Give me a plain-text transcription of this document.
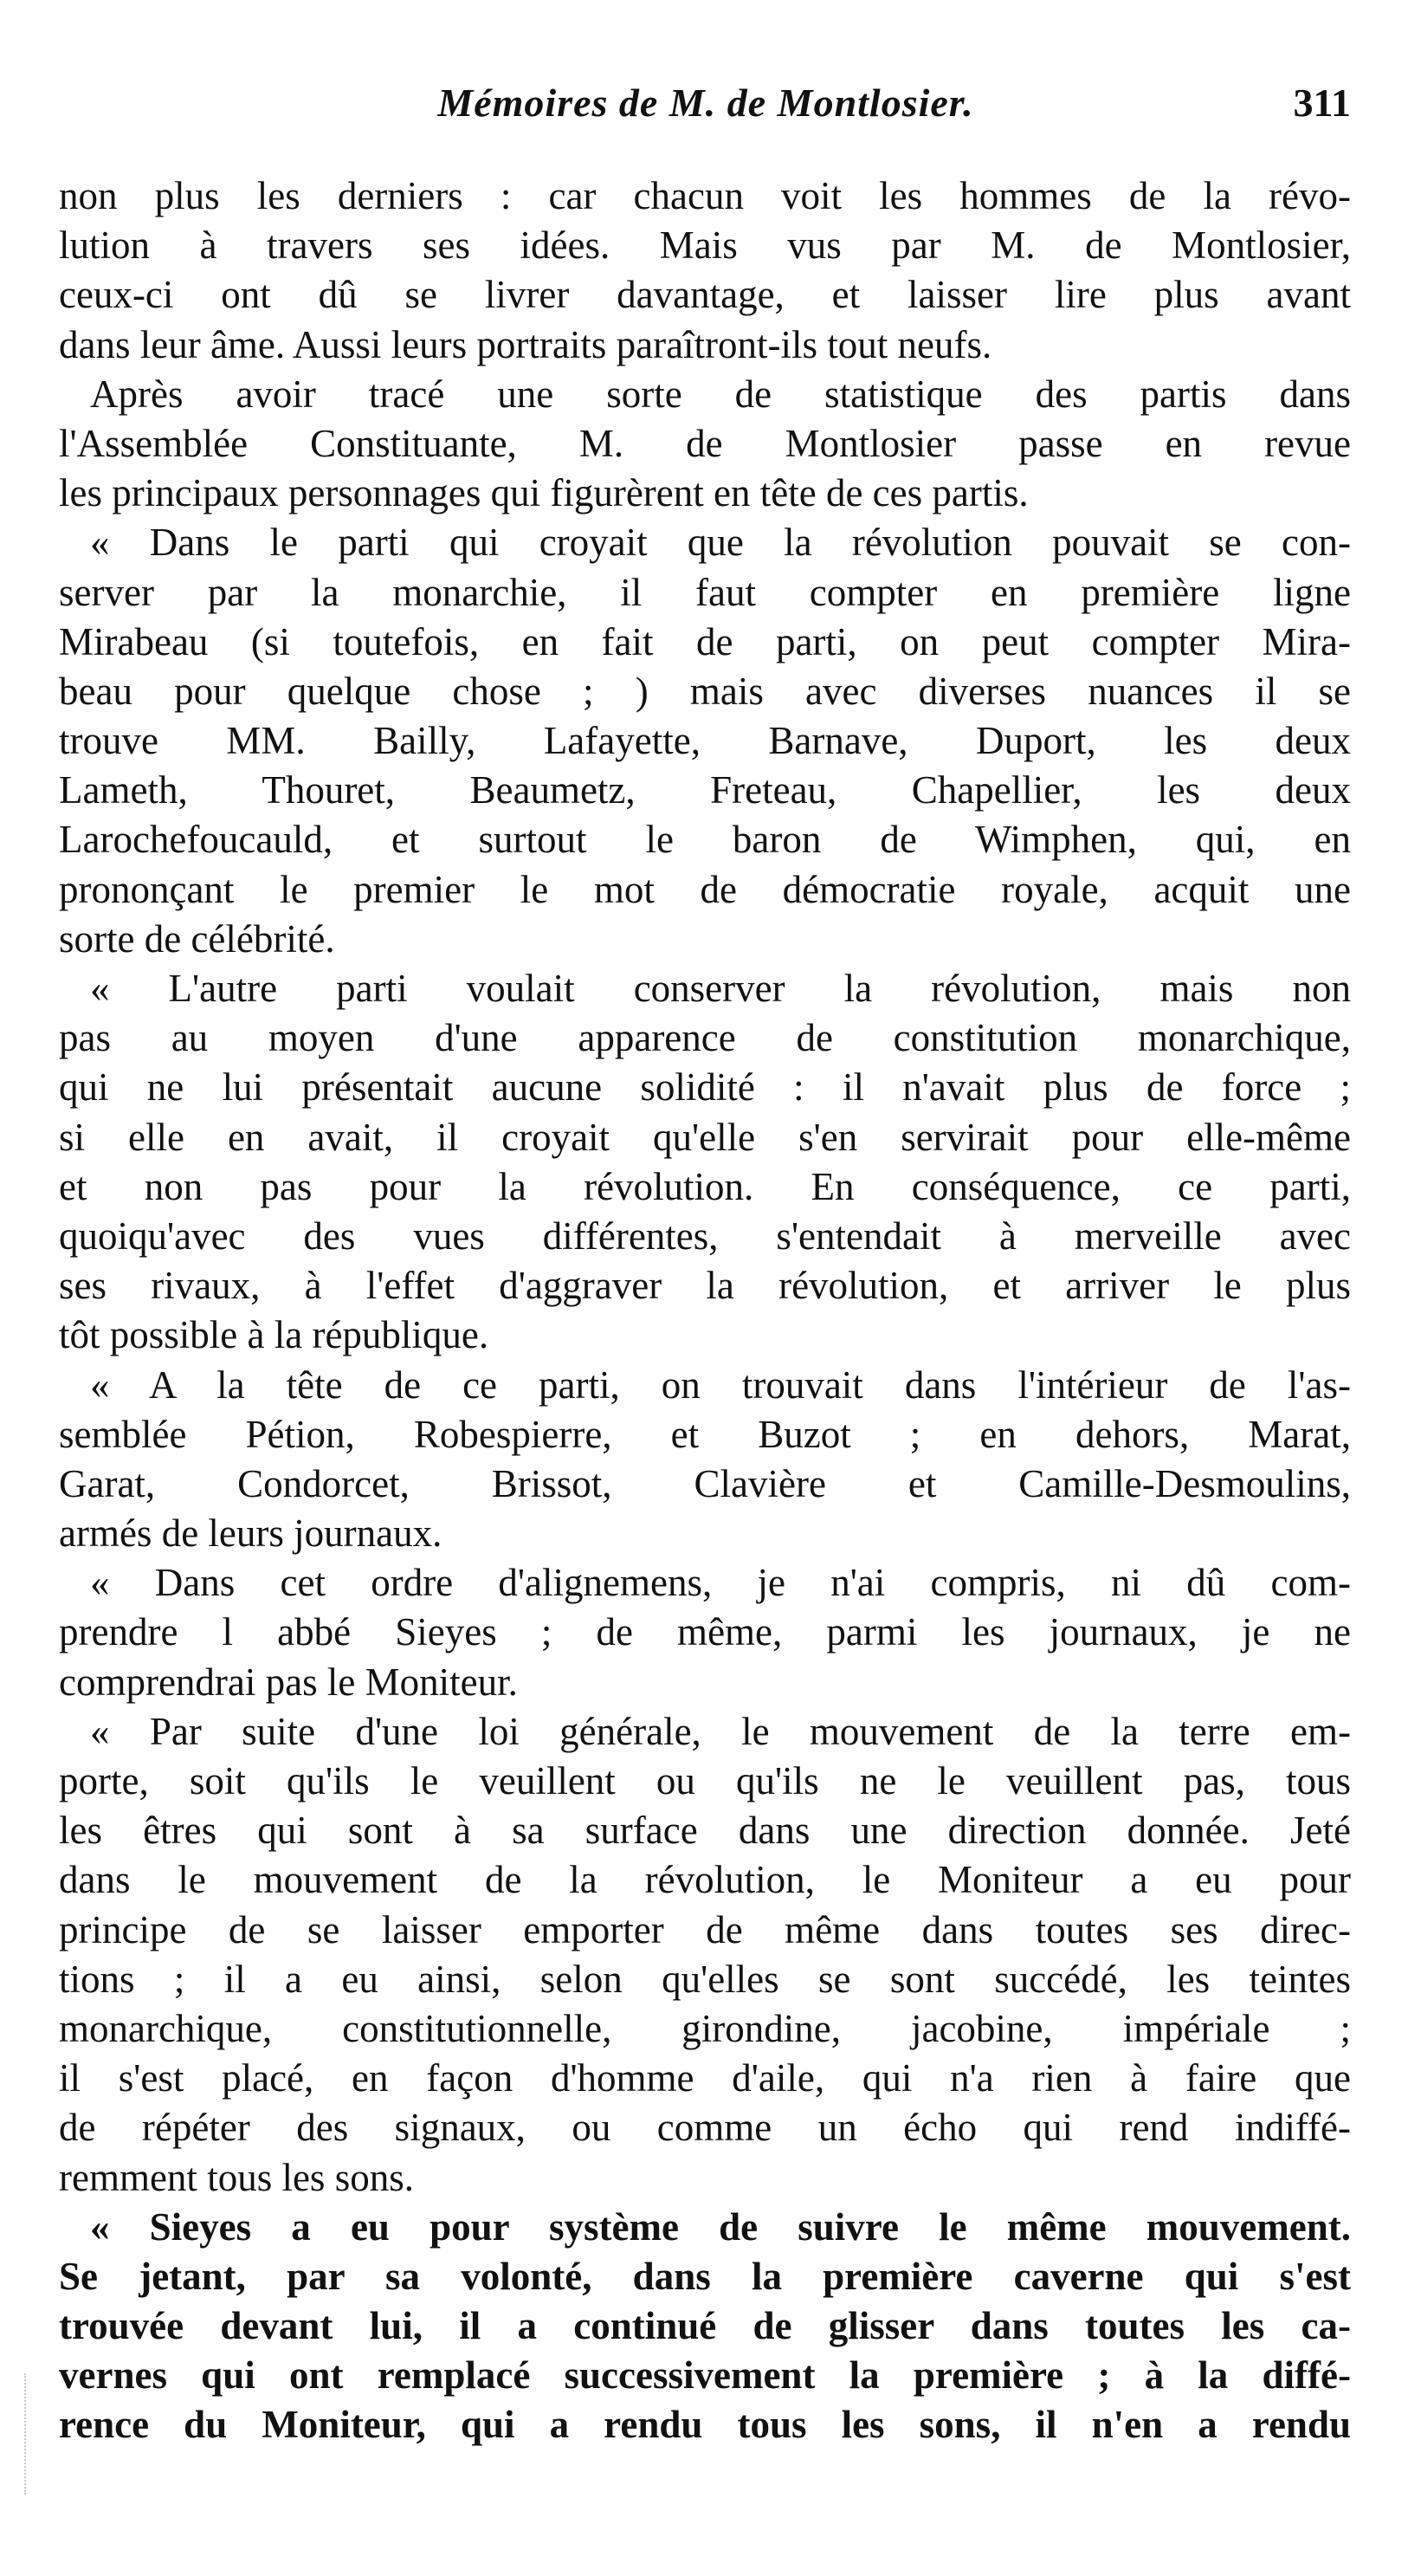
Mémoires de M. de Montlosier.	311
non plus les derniers : car chacun voit les hommes de la révo-
lution à travers ses idées. Mais vus par M. de Montlosier,
ceux-ci ont dû se livrer davantage, et laisser lire plus avant
dans leur âme. Aussi leurs portraits paraîtront-ils tout neufs.
Après avoir tracé une sorte de statistique des partis dans
l'Assemblée Constituante, M. de Montlosier passe en revue
les principaux personnages qui figurèrent en tête de ces partis.
« Dans le parti qui croyait que la révolution pouvait se con-
server par la monarchie, il faut compter en première ligne
Mirabeau (si toutefois, en fait de parti, on peut compter Mira-
beau pour quelque chose ; ) mais avec diverses nuances il se
trouve MM. Bailly, Lafayette, Barnave, Duport, les deux
Lameth, Thouret, Beaumetz, Freteau, Chapellier, les deux
Larochefoucauld, et surtout le baron de Wimphen, qui, en
prononçant le premier le mot de démocratie royale, acquit une
sorte de célébrité.
« L'autre parti voulait conserver la révolution, mais non
pas au moyen d'une apparence de constitution monarchique,
qui ne lui présentait aucune solidité : il n'avait plus de force ;
si elle en avait, il croyait qu'elle s'en servirait pour elle-même
et non pas pour la révolution. En conséquence, ce parti,
quoiqu'avec des vues différentes, s'entendait à merveille avec
ses rivaux, à l'effet d'aggraver la révolution, et arriver le plus
tôt possible à la république.
« A la tête de ce parti, on trouvait dans l'intérieur de l'as-
semblée Pétion, Robespierre, et Buzot ; en dehors, Marat,
Garat, Condorcet, Brissot, Clavière et Camille-Desmoulins,
armés de leurs journaux.
« Dans cet ordre d'alignemens, je n'ai compris, ni dû com-
prendre l abbé Sieyes ; de même, parmi les journaux, je ne
comprendrai pas le Moniteur.
« Par suite d'une loi générale, le mouvement de la terre em-
porte, soit qu'ils le veuillent ou qu'ils ne le veuillent pas, tous
les êtres qui sont à sa surface dans une direction donnée. Jeté
dans le mouvement de la révolution, le Moniteur a eu pour
principe de se laisser emporter de même dans toutes ses direc-
tions ; il a eu ainsi, selon qu'elles se sont succédé, les teintes
monarchique, constitutionnelle, girondine, jacobine, impériale ;
il s'est placé, en façon d'homme d'aile, qui n'a rien à faire que
de répéter des signaux, ou comme un écho qui rend indiffé-
remment tous les sons.
« Sieyes a eu pour système de suivre le même mouvement.
Se jetant, par sa volonté, dans la première caverne qui s'est
trouvée devant lui, il a continué de glisser dans toutes les ca-
vernes qui ont remplacé successivement la première ; à la diffé-
rence du Moniteur, qui a rendu tous les sons, il n'en a rendu
